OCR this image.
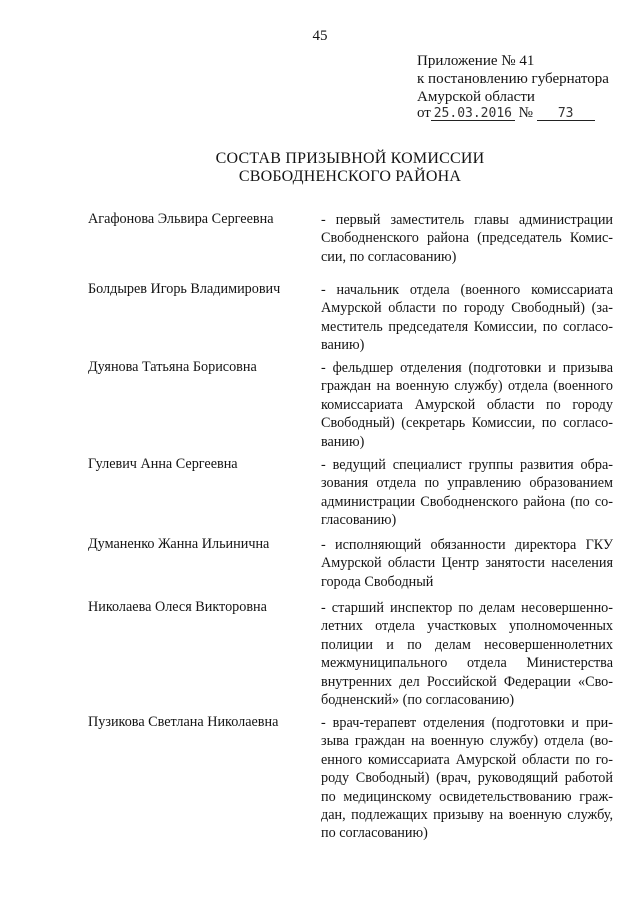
45
Приложение № 41
к постановлению губернатора
Амурской области
от 25.03.2016 № 73
СОСТАВ ПРИЗЫВНОЙ КОМИССИИ
СВОБОДНЕНСКОГО РАЙОНА
Агафонова Эльвира Сергеевна	- первый заместитель главы администрации Свободненского района (председатель Комиссии, по согласованию)
Болдырев Игорь Владимирович	- начальник отдела (военного комиссариата Амурской области по городу Свободный) (заместитель председателя Комиссии, по согласованию)
Дуянова Татьяна Борисовна	- фельдшер отделения (подготовки и призыва граждан на военную службу) отдела (военного комиссариата Амурской области по городу Свободный) (секретарь Комиссии, по согласованию)
Гулевич Анна Сергеевна	- ведущий специалист группы развития образования отдела по управлению образованием администрации Свободненского района (по согласованию)
Думаненко Жанна Ильинична	- исполняющий обязанности директора ГКУ Амурской области Центр занятости населения города Свободный
Николаева Олеся Викторовна	- старший инспектор по делам несовершеннолетних отдела участковых уполномоченных полиции и по делам несовершеннолетних межмуниципального отдела Министерства внутренних дел Российской Федерации «Свободненский» (по согласованию)
Пузикова Светлана Николаевна	- врач-терапевт отделения (подготовки и призыва граждан на военную службу) отдела (военного комиссариата Амурской области по городу Свободный) (врач, руководящий работой по медицинскому освидетельствованию граждан, подлежащих призыву на военную службу, по согласованию)
